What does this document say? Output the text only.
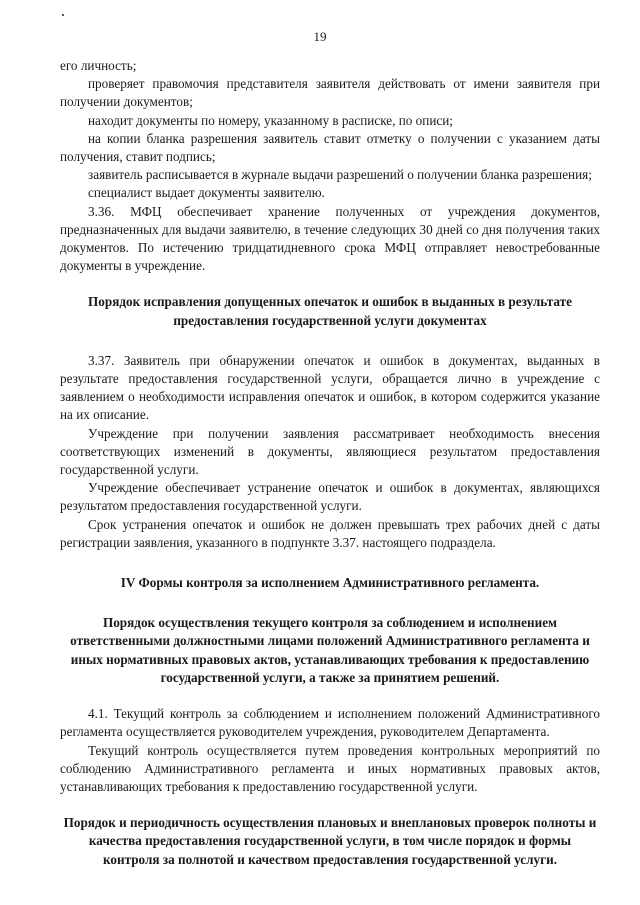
19

его личность;

проверяет правомочия представителя заявителя действовать от имени заявителя при получении документов;

находит документы по номеру, указанному в расписке, по описи;

на копии бланка разрешения заявитель ставит отметку о получении с указанием даты получения, ставит подпись;

заявитель расписывается в журнале выдачи разрешений о получении бланка разрешения;

специалист выдает документы заявителю.

3.36. МФЦ обеспечивает хранение полученных от учреждения документов, предназначенных для выдачи заявителю, в течение следующих 30 дней со дня получения таких документов. По истечению тридцатидневного срока МФЦ отправляет невостребованные документы в учреждение.

Порядок исправления допущенных опечаток и ошибок в выданных в результате предоставления государственной услуги документах

3.37. Заявитель при обнаружении опечаток и ошибок в документах, выданных в результате предоставления государственной услуги, обращается лично в учреждение с заявлением о необходимости исправления опечаток и ошибок, в котором содержится указание на их описание.

Учреждение при получении заявления рассматривает необходимость внесения соответствующих изменений в документы, являющиеся результатом предоставления государственной услуги.

Учреждение обеспечивает устранение опечаток и ошибок в документах, являющихся результатом предоставления государственной услуги.

Срок устранения опечаток и ошибок не должен превышать трех рабочих дней с даты регистрации заявления, указанного в подпункте 3.37. настоящего подраздела.

IV Формы контроля за исполнением Административного регламента.
Порядок осуществления текущего контроля за соблюдением и исполнением ответственными должностными лицами положений Административного регламента и иных нормативных правовых актов, устанавливающих требования к предоставлению государственной услуги, а также за принятием решений.

4.1. Текущий контроль за соблюдением и исполнением положений Административного регламента осуществляется руководителем учреждения, руководителем Департамента.

Текущий контроль осуществляется путем проведения контрольных мероприятий по соблюдению Административного регламента и иных нормативных правовых актов, устанавливающих требования к предоставлению государственной услуги.

Порядок и периодичность осуществления плановых и внеплановых проверок полноты и качества предоставления государственной услуги, в том числе порядок и формы контроля за полнотой и качеством предоставления государственной услуги.
